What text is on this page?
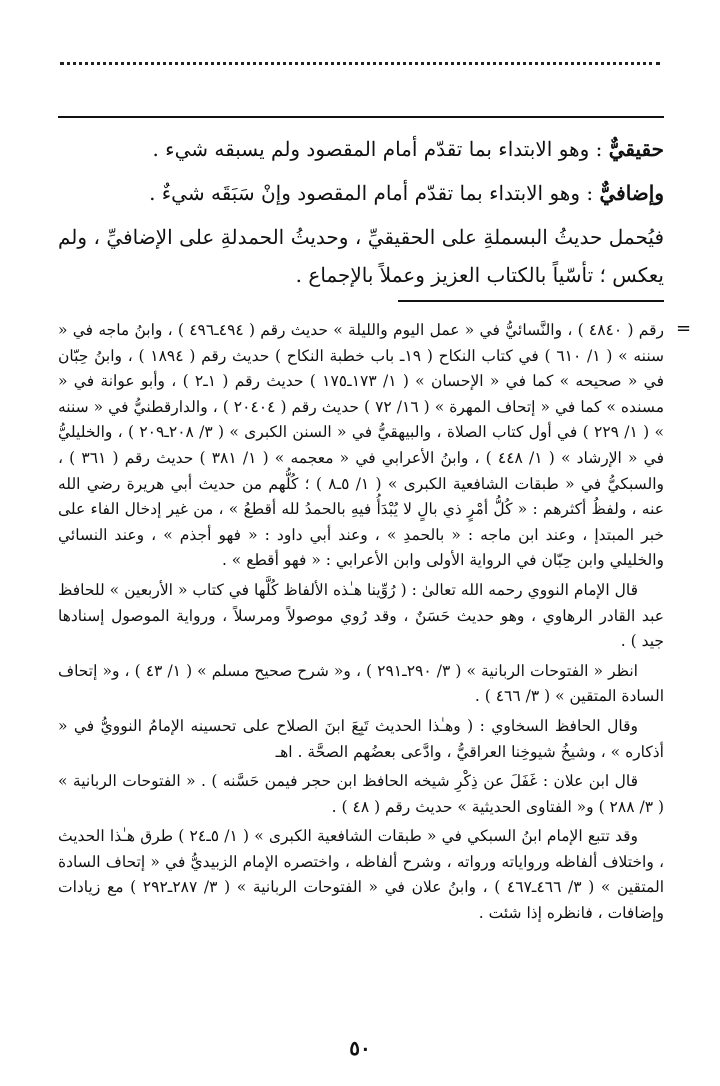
حقيقيٌّ : وهو الابتداء بما تقدّم أمام المقصود ولم يسبقه شيء .

وإضافيٌّ : وهو الابتداء بما تقدّم أمام المقصود وإنْ سَبَقَه شيءٌ .

فيُحمل حديثُ البسملةِ على الحقيقيِّ ، وحديثُ الحمدلةِ على الإضافيِّ ، ولم يعكس ؛ تأسّياً بالكتاب العزيز وعملاً بالإجماع .

=

رقم ( ٤٨٤٠ ) ، والنَّسائيُّ في « عمل اليوم والليلة » حديث رقم ( ٤٩٤ـ٤٩٦ ) ، وابنُ ماجه في « سننه » ( ١/ ٦١٠ ) في كتاب النكاح ( ١٩ـ باب خطبة النكاح ) حديث رقم ( ١٨٩٤ ) ، وابنُ حِبّان في « صحيحه » كما في « الإحسان » ( ١/ ١٧٣ـ١٧٥ ) حديث رقم ( ١ـ٢ ) ، وأبو عوانة في « مسنده » كما في « إتحاف المهرة » ( ١٦/ ٧٢ ) حديث رقم ( ٢٠٤٠٤ ) ، والدارقطنيُّ في « سننه » ( ١/ ٢٢٩ ) في أول كتاب الصلاة ، والبيهقيُّ في « السنن الكبرى » ( ٣/ ٢٠٨ـ٢٠٩ ) ، والخليليُّ في « الإرشاد » ( ١/ ٤٤٨ ) ، وابنُ الأعرابي في « معجمه » ( ١/ ٣٨١ ) حديث رقم ( ٣٦١ ) ، والسبكيُّ في « طبقات الشافعية الكبرى » ( ١/ ٥ـ٨ ) ؛ كُلُّهم من حديث أبي هريرة رضي الله عنه ، ولفظُ أكثرهم : « كُلُّ أمْرٍ ذي بالٍ لا يُبْدَأُ فيهِ بالحمدُ لله أقطعُ » ، من غير إدخال الفاء على خبر المبتدإ ، وعند ابن ماجه : « بالحمدِ » ، وعند أبي داود : « فهو أجذم » ، وعند النسائي والخليلي وابن حِبّان في الرواية الأولى وابن الأعرابي : « فهو أقطع » .

قال الإمام النووي رحمه الله تعالىٰ : ( رُوِّينا هـٰذه الألفاظ كُلَّها في كتاب « الأربعين » للحافظ عبد القادر الرهاوي ، وهو حديث حَسَنٌ ، وقد رُوي موصولاً ومرسلاً ، ورواية الموصول إسنادها جيد ) .

انظر « الفتوحات الربانية » ( ٣/ ٢٩٠ـ٢٩١ ) ، و« شرح صحيح مسلم » ( ١/ ٤٣ ) ، و« إتحاف السادة المتقين » ( ٣/ ٤٦٦ ) .

وقال الحافظ السخاوي : ( وهـٰذا الحديث تَبِعَ ابنَ الصلاح على تحسينه الإمامُ النوويُّ في « أذكاره » ، وشيخُ شيوخِنا العراقيُّ ، وادَّعى بعضُهم الصحَّة . اهـ

قال ابن علان : غَفَلَ عن ذِكْرِ شيخه الحافظ ابن حجر فيمن حَسَّنه ) . « الفتوحات الربانية » ( ٣/ ٢٨٨ ) و« الفتاوى الحديثية » حديث رقم ( ٤٨ ) .

وقد تتبع الإمام ابنُ السبكي في « طبقات الشافعية الكبرى » ( ١/ ٥ـ٢٤ ) طرق هـٰذا الحديث ، واختلاف ألفاظه ورواياته ورواته ، وشرح ألفاظه ، واختصره الإمام الزبيديُّ في « إتحاف السادة المتقين » ( ٣/ ٤٦٦ـ٤٦٧ ) ، وابنُ علان في « الفتوحات الربانية » ( ٣/ ٢٨٧ـ٢٩٢ ) مع زيادات وإضافات ، فانظره إذا شئت .

٥٠
